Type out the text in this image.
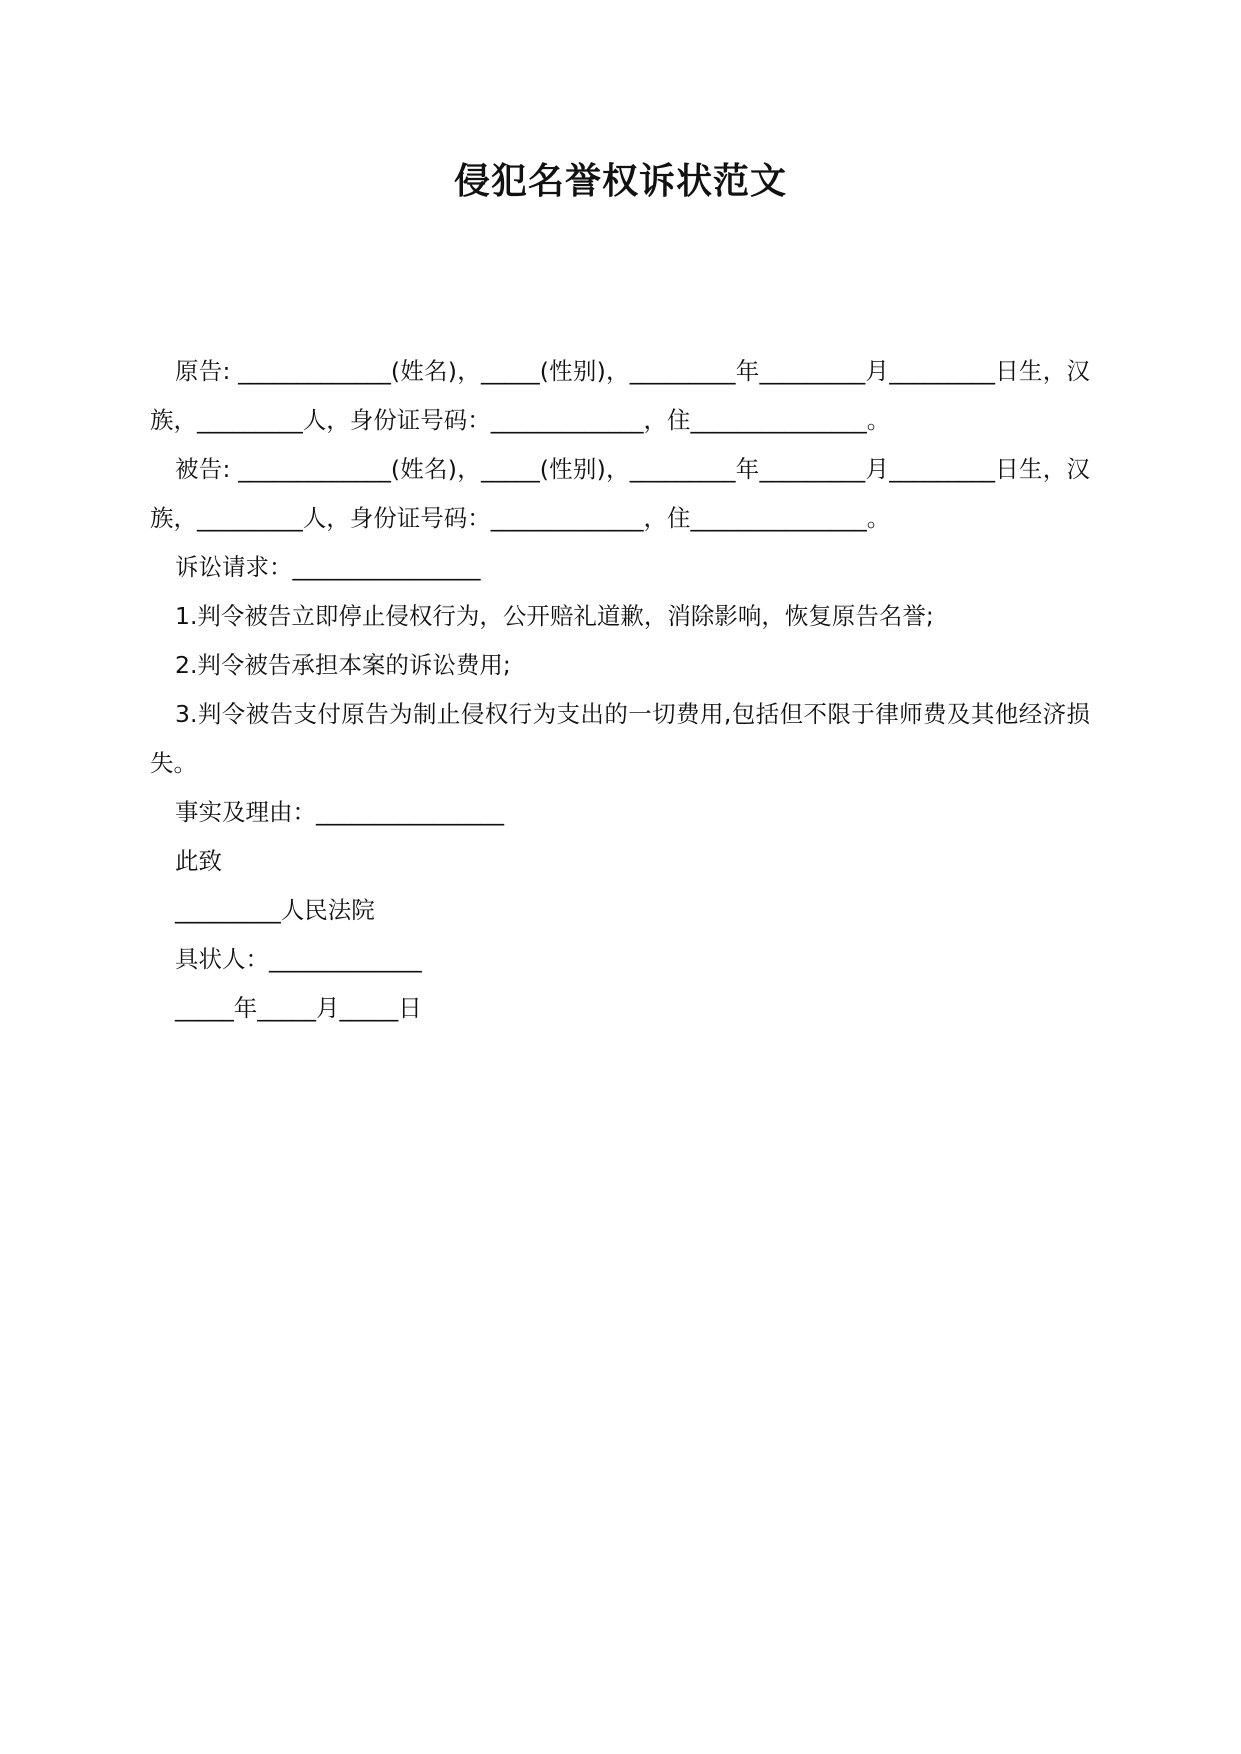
侵犯名誉权诉状范文

原告: _____________(姓名)，_____(性别)，_________年_________月_________日生，汉族，_________人，身份证号码：_____________，住_______________。

被告: _____________(姓名)，_____(性别)，_________年_________月_________日生，汉族，_________人，身份证号码：_____________，住_______________。

诉讼请求：________________

1.判令被告立即停止侵权行为，公开赔礼道歉，消除影响，恢复原告名誉;

2.判令被告承担本案的诉讼费用;

3.判令被告支付原告为制止侵权行为支出的一切费用,包括但不限于律师费及其他经济损失。

事实及理由：________________

此致

_________人民法院

具状人：_____________

_____年_____月_____日
